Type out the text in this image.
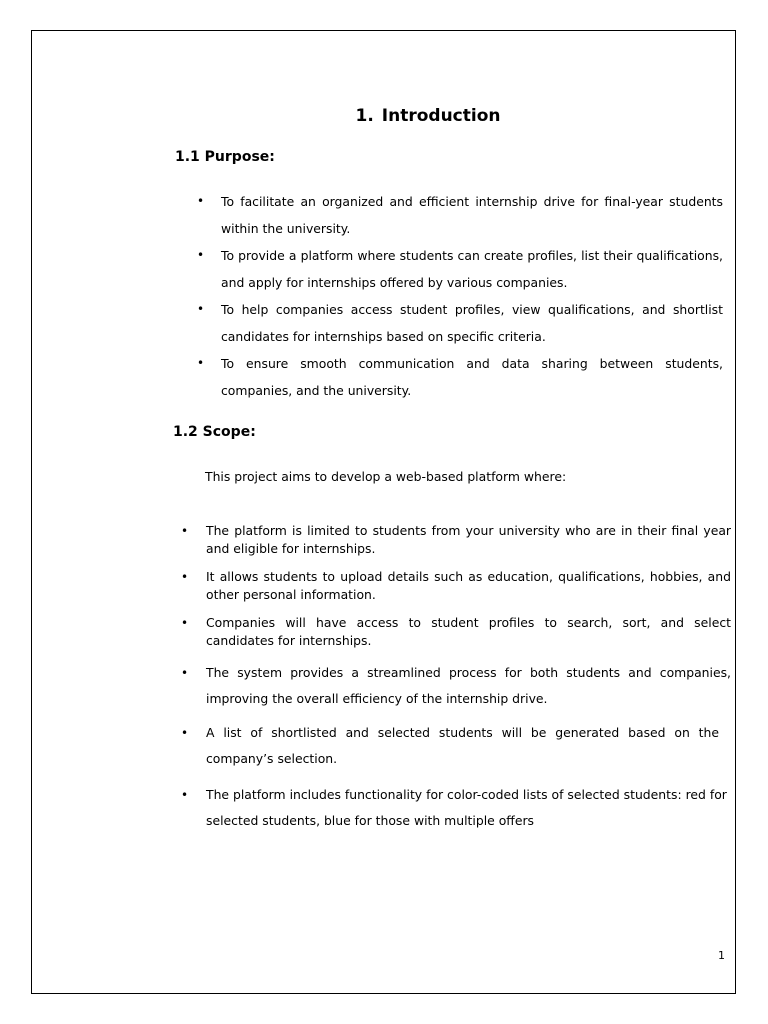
1. Introduction
1.1 Purpose:
• To facilitate an organized and efficient internship drive for final-year students within the university.
• To provide a platform where students can create profiles, list their qualifications, and apply for internships offered by various companies.
• To help companies access student profiles, view qualifications, and shortlist candidates for internships based on specific criteria.
• To ensure smooth communication and data sharing between students, companies, and the university.
1.2 Scope:

This project aims to develop a web-based platform where:

• The platform is limited to students from your university who are in their final year and eligible for internships.
• It allows students to upload details such as education, qualifications, hobbies, and other personal information.
• Companies will have access to student profiles to search, sort, and select candidates for internships.
• The system provides a streamlined process for both students and companies, improving the overall efficiency of the internship drive.
• A list of shortlisted and selected students will be generated based on the company’s selection.
• The platform includes functionality for color-coded lists of selected students: red for selected students, blue for those with multiple offers

1
